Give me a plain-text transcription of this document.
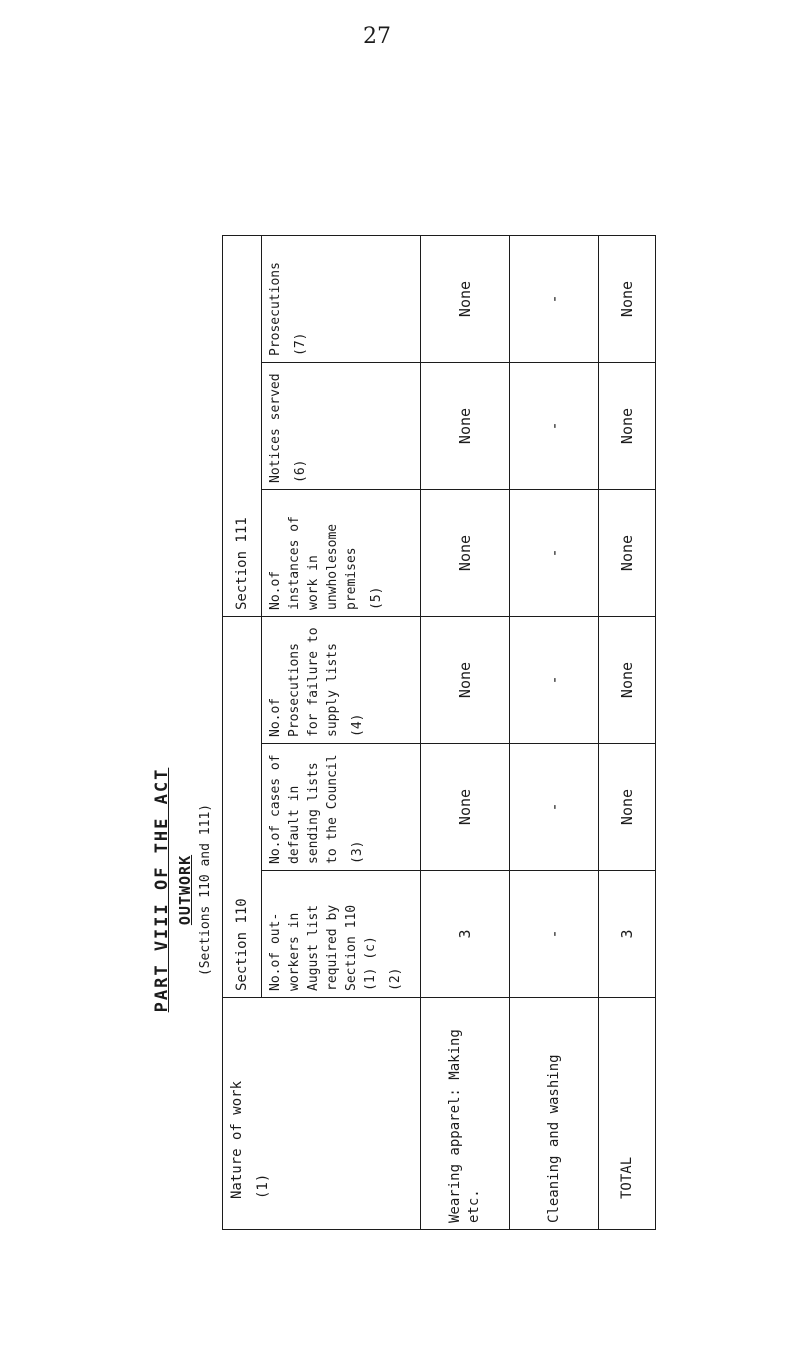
27
PART VIII OF THE ACT OUTWORK (Sections 110 and 111)
Nature of work (1)	Section 110			Section 111		
	No.of out-workers in August list required by Section 110 (1) (c) (2)	No.of cases of default in sending lists to the Council (3)	No.of Prosecutions for failure to supply lists (4)	No.of instances of work in unwholesome premises (5)	Notices served (6)	Prosecutions (7)

Wearing apparel: Making etc.	3	None	None	None	None	None
Cleaning and washing	-	-	-	-	-	-
TOTAL	3	None	None	None	None	None
